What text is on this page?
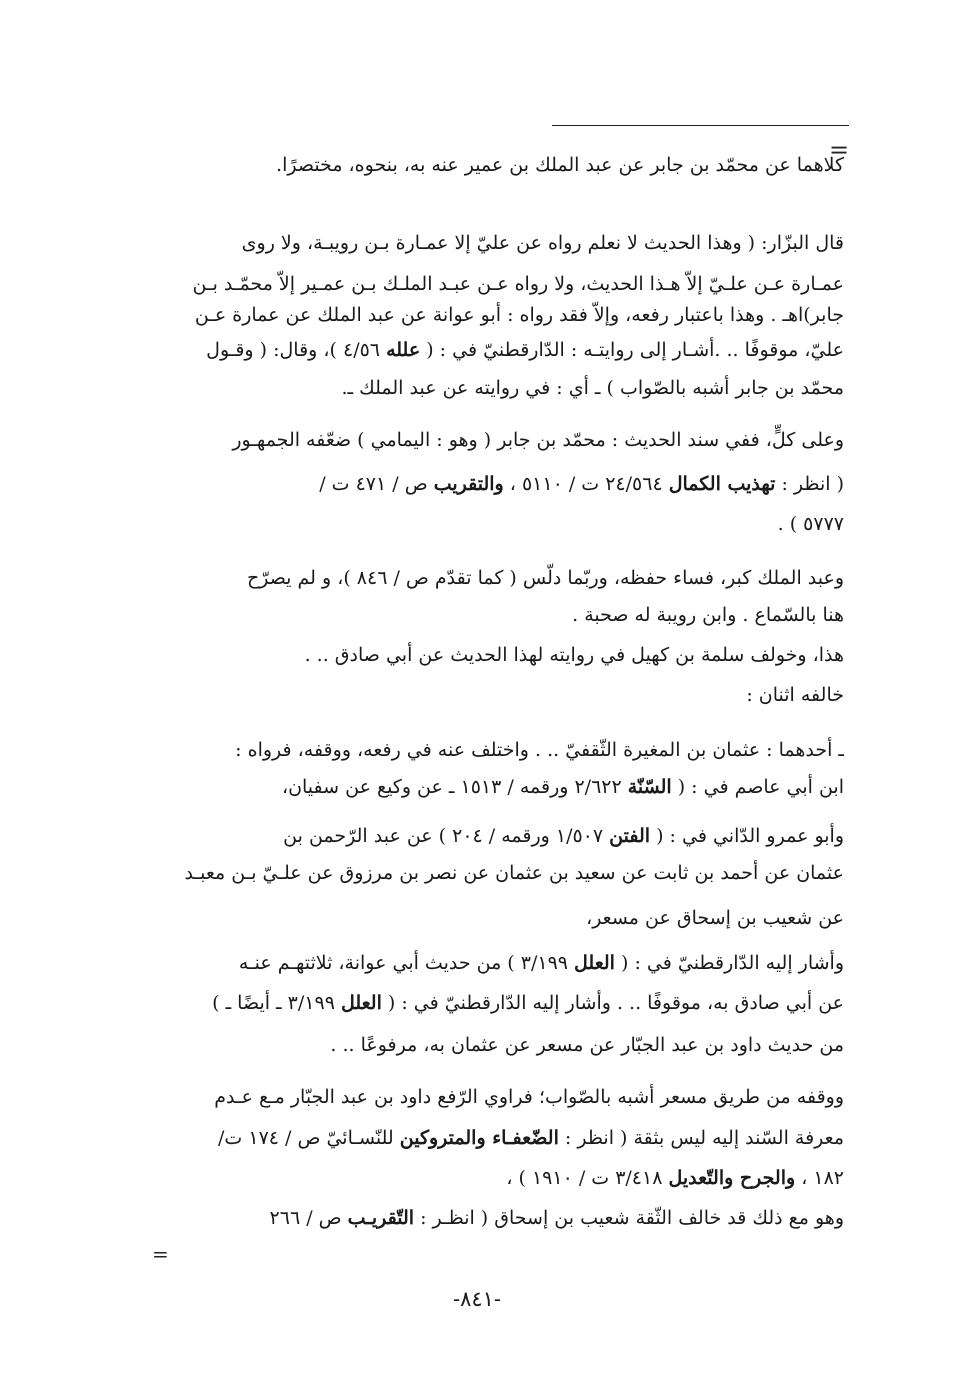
=
كلاهما عن محمّد بن جابر عن عبد الملك بن عمير عنه به، بنحوه، مختصرًا.
قال البزّار: ( وهذا الحديث لا نعلم رواه عن عليّ إلا عمـارة بـن رويبـة، ولا روى
عمـارة عـن علـيّ إلاّ هـذا الحديث، ولا رواه عـن عبـد الملـك بـن عمـير إلاّ محمّـد بـن
جابر)اهـ . وهذا باعتبار رفعه، وإلاّ فقد رواه : أبو عوانة عن عبد الملك عن عمارة عـن
عليّ، موقوفًا .. .أشـار إلى روايتـه : الدّارقطنيّ في : ( علله ٤/٥٦ )، وقال: ( وقـول
محمّد بن جابر أشبه بالصّواب ) ـ أي : في روايته عن عبد الملك ـ.
وعلى كلٍّ، ففي سند الحديث : محمّد بن جابر ( وهو : اليمامي ) ضعّفه الجمهـور
( انظر : تهذيب الكمال ٢٤/٥٦٤ ت / ٥١١٠ ، والتقريب ص / ٤٧١ ت /
٥٧٧٧ ) .
وعبد الملك كبر، فساء حفظه، وربّما دلّس ( كما تقدّم ص / ٨٤٦ )، و لم يصرّح
هنا بالسّماع . وابن رويبة له صحبة .
هذا، وخولف سلمة بن كهيل في روايته لهذا الحديث عن أبي صادق .. .
خالفه اثنان :
ـ أحدهما : عثمان بن المغيرة الثّقفيّ .. . واختلف عنه في رفعه، ووقفه، فرواه :
ابن أبي عاصم في : ( السّنّة ٢/٦٢٢ ورقمه / ١٥١٣ ـ عن وكيع عن سفيان،
وأبو عمرو الدّاني في : ( الفتن ١/٥٠٧ ورقمه / ٢٠٤ ) عن عبد الرّحمن بن
عثمان عن أحمد بن ثابت عن سعيد بن عثمان عن نصر بن مرزوق عن علـيّ بـن معبـد
عن شعيب بن إسحاق عن مسعر،
وأشار إليه الدّارقطنيّ في : ( العلل ٣/١٩٩ ) من حديث أبي عوانة، ثلاثتهـم عنـه
عن أبي صادق به، موقوفًا .. . وأشار إليه الدّارقطنيّ في : ( العلل ٣/١٩٩ ـ أيضًا ـ )
من حديث داود بن عبد الجبّار عن مسعر عن عثمان به، مرفوعًا .. .
ووقفه من طريق مسعر أشبه بالصّواب؛ فراوي الرّفع داود بن عبد الجبّار مـع عـدم
معرفة السّند إليه ليس بثقة ( انظر : الضّعفـاء والمتروكين للنّسـائيّ ص / ١٧٤ ت/
١٨٢ ، والجرح والتّعديل ٣/٤١٨ ت / ١٩١٠ ) ،
وهو مع ذلك قد خالف الثّقة شعيب بن إسحاق ( انظـر : التّقريـب ص / ٢٦٦
=
-٨٤١-
